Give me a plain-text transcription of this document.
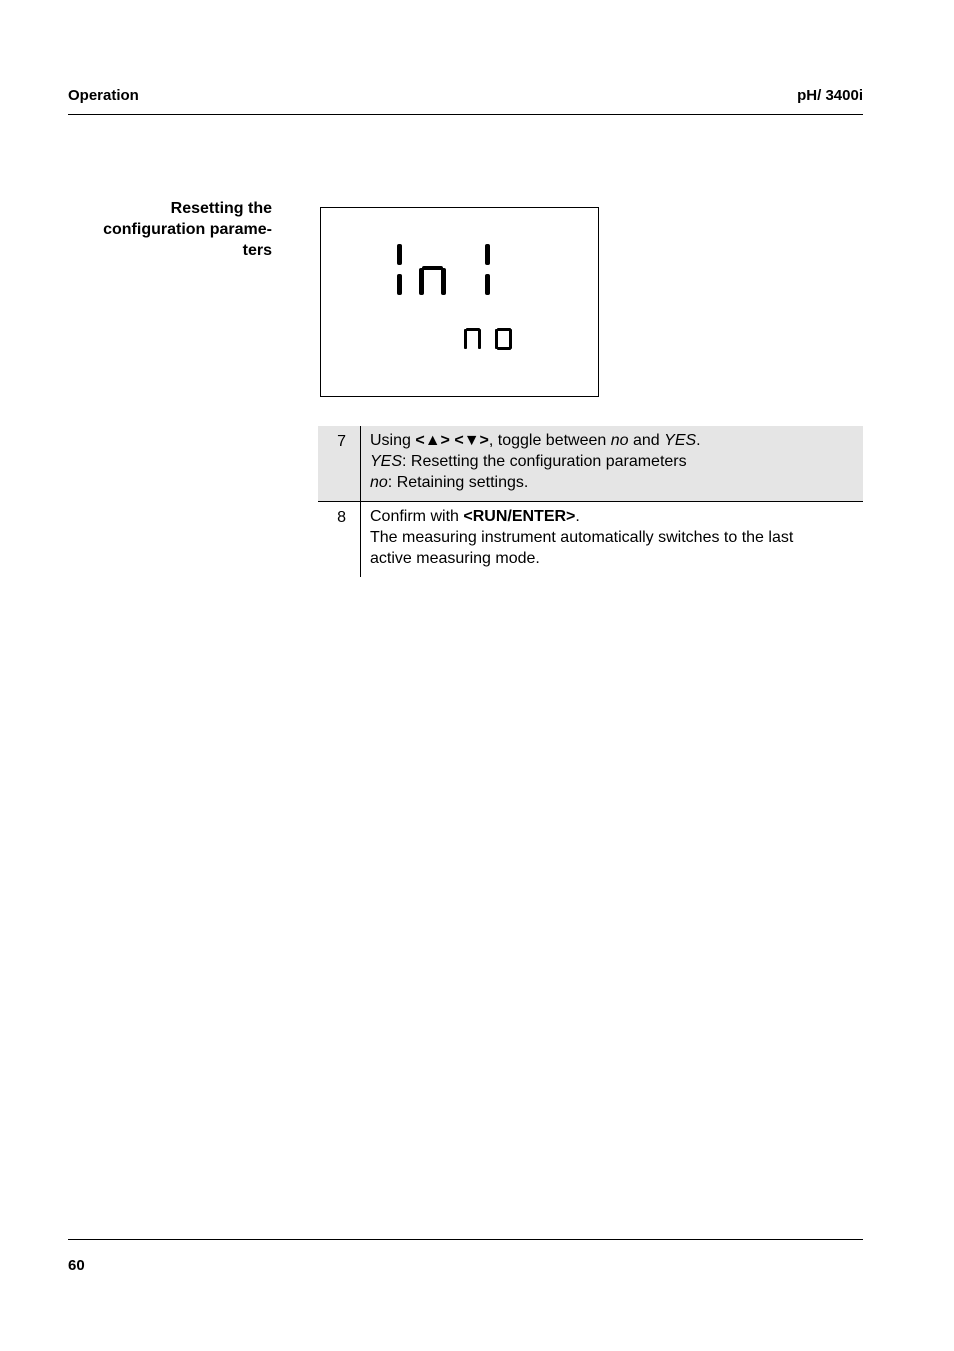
Operation	pH/ 3400i
Resetting the
configuration parame-
ters
7	Using <▲> <▼>, toggle between no and YES.
YES: Resetting the configuration parameters
no: Retaining settings.
8	Confirm with <RUN/ENTER>.
The measuring instrument automatically switches to the last
active measuring mode.
60
